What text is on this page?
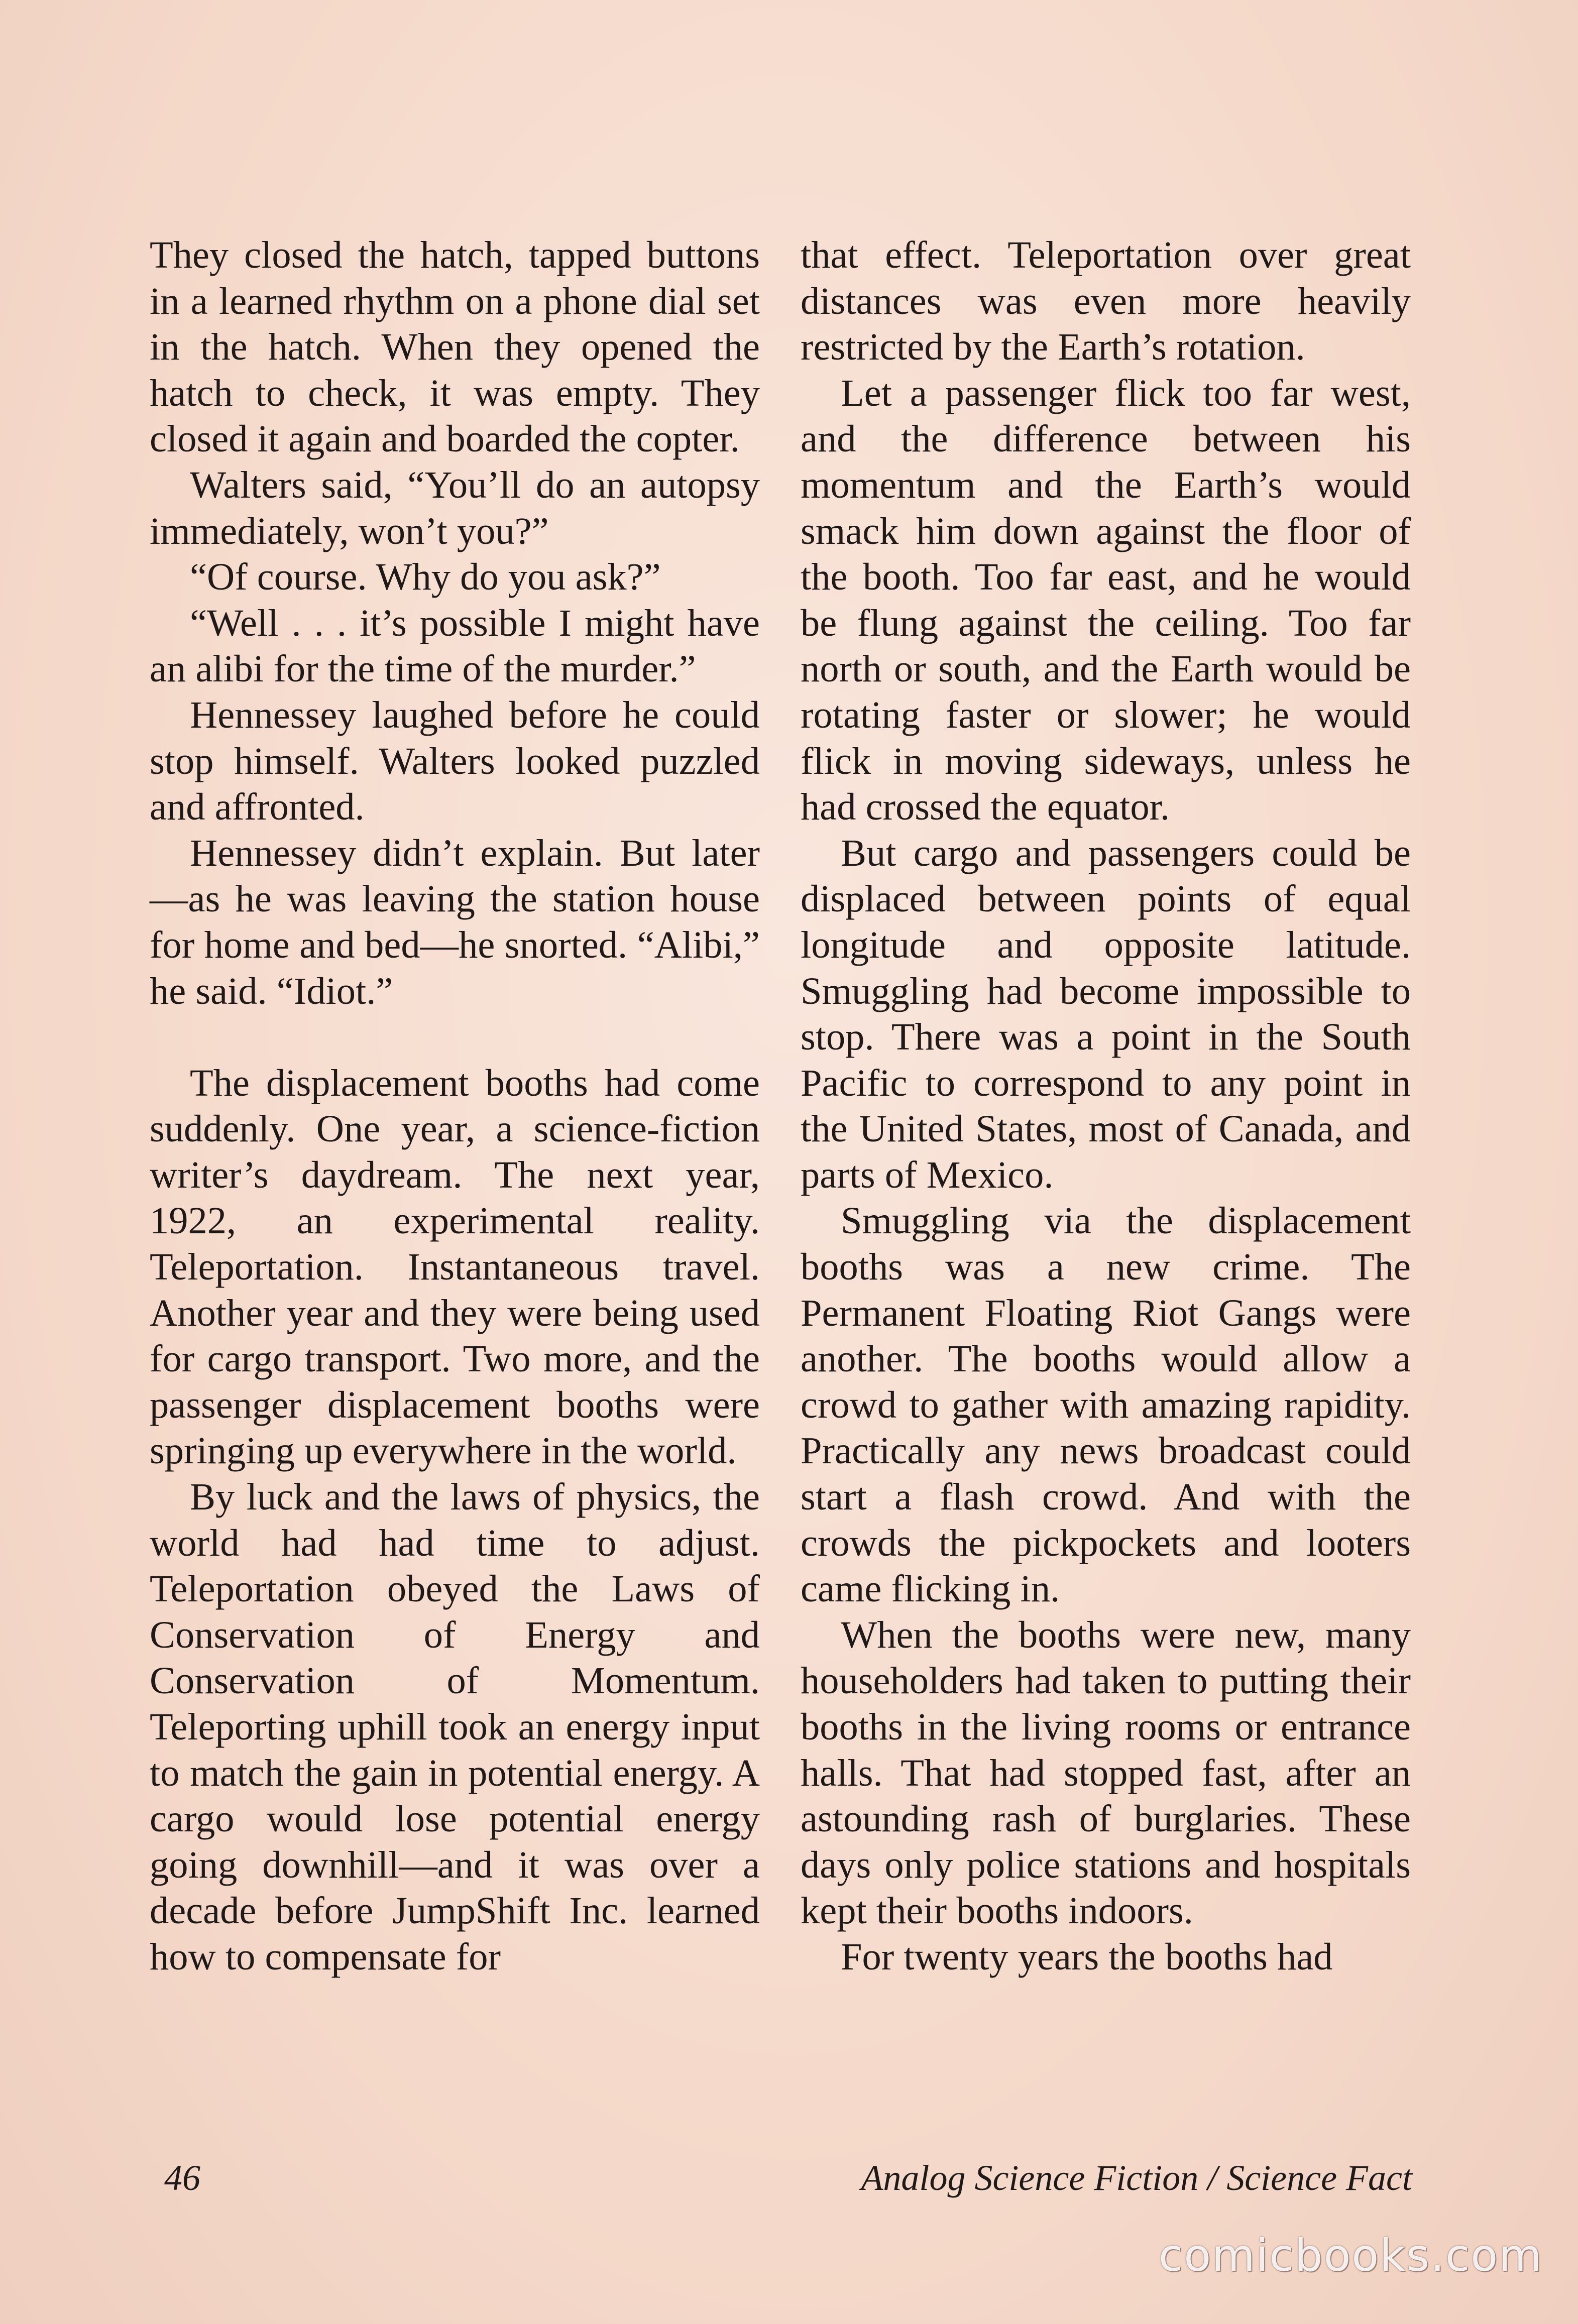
They closed the hatch, tapped buttons in a learned rhythm on a phone dial set in the hatch. When they opened the hatch to check, it was empty. They closed it again and boarded the copter.

Walters said, “You’ll do an autopsy immediately, won’t you?”

“Of course. Why do you ask?”

“Well . . . it’s possible I might have an alibi for the time of the murder.”

Hennessey laughed before he could stop himself. Walters looked puzzled and affronted.

Hennessey didn’t explain. But later—as he was leaving the station house for home and bed—he snorted. “Alibi,” he said. “Idiot.”

The displacement booths had come suddenly. One year, a science-fiction writer’s daydream. The next year, 1922, an experimental reality. Teleportation. Instantaneous travel. Another year and they were being used for cargo transport. Two more, and the passenger displacement booths were springing up everywhere in the world.

By luck and the laws of physics, the world had had time to adjust. Teleportation obeyed the Laws of Conservation of Energy and Conservation of Momentum. Teleporting uphill took an energy input to match the gain in potential energy. A cargo would lose potential energy going downhill—and it was over a decade before JumpShift Inc. learned how to compensate for

that effect. Teleportation over great distances was even more heavily restricted by the Earth’s rotation.

Let a passenger flick too far west, and the difference between his momentum and the Earth’s would smack him down against the floor of the booth. Too far east, and he would be flung against the ceiling. Too far north or south, and the Earth would be rotating faster or slower; he would flick in moving sideways, unless he had crossed the equator.

But cargo and passengers could be displaced between points of equal longitude and opposite latitude. Smuggling had become impossible to stop. There was a point in the South Pacific to correspond to any point in the United States, most of Canada, and parts of Mexico.

Smuggling via the displacement booths was a new crime. The Permanent Floating Riot Gangs were another. The booths would allow a crowd to gather with amazing rapidity. Practically any news broadcast could start a flash crowd. And with the crowds the pickpockets and looters came flicking in.

When the booths were new, many householders had taken to putting their booths in the living rooms or entrance halls. That had stopped fast, after an astounding rash of burglaries. These days only police stations and hospitals kept their booths indoors.

For twenty years the booths had

46	Analog Science Fiction / Science Fact
comicbooks.com
